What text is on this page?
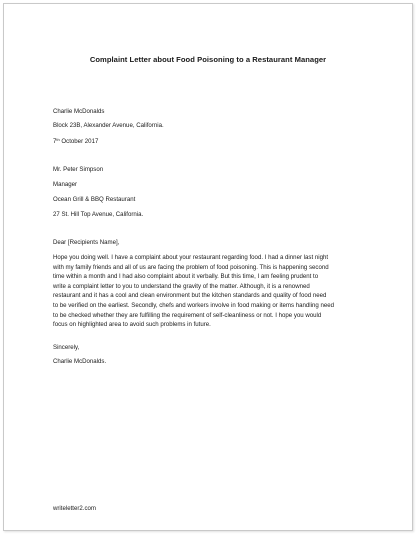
Complaint Letter about Food Poisoning to a Restaurant Manager
Charlie McDonalds
Block 23B, Alexander Avenue, California.
7th October 2017
Mr. Peter Simpson
Manager
Ocean Grill & BBQ Restaurant
27 St. Hill Top Avenue, California.
Dear [Recipients Name],
Hope you doing well. I have a complaint about your restaurant regarding food. I had a dinner last night
with my family friends and all of us are facing the problem of food poisoning. This is happening second
time within a month and I had also complaint about it verbally. But this time, I am feeling prudent to
write a complaint letter to you to understand the gravity of the matter. Although, it is a renowned
restaurant and it has a cool and clean environment but the kitchen standards and quality of food need
to be verified on the earliest. Secondly, chefs and workers involve in food making or items handling need
to be checked whether they are fulfilling the requirement of self-cleanliness or not. I hope you would
focus on highlighted area to avoid such problems in future.
Sincerely,
Charlie McDonalds.
writeletter2.com
